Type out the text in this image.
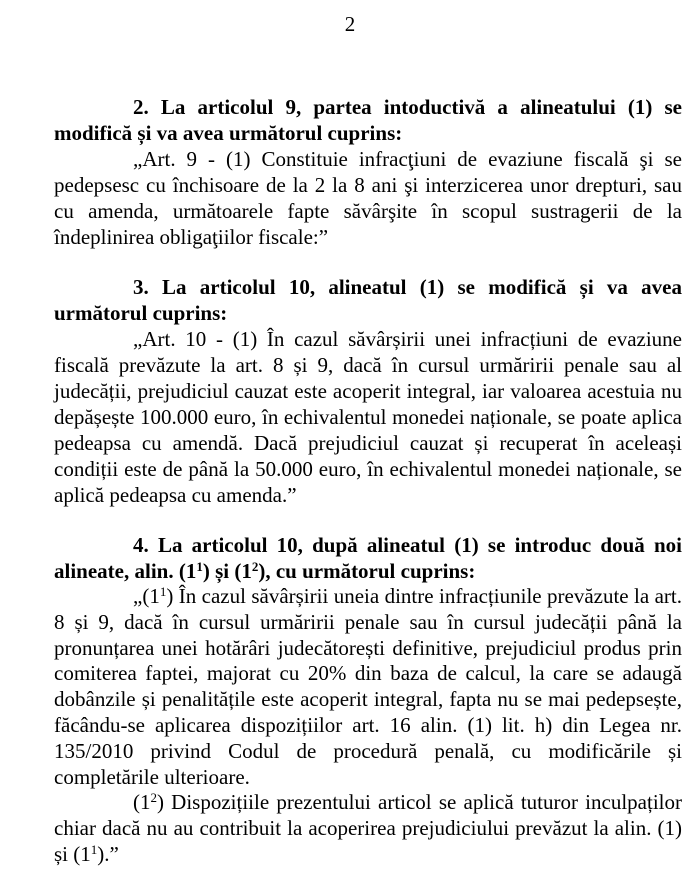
2
2. La articolul 9, partea intoductivă a alineatului (1) se modifică și va avea următorul cuprins:
„Art. 9 - (1) Constituie infracţiuni de evaziune fiscală şi se pedepsesc cu închisoare de la 2 la 8 ani şi interzicerea unor drepturi, sau cu amenda, următoarele fapte săvârşite în scopul sustragerii de la îndeplinirea obligaţiilor fiscale:”
3. La articolul 10, alineatul (1) se modifică și va avea următorul cuprins:
„Art. 10 - (1) În cazul săvârșirii unei infracțiuni de evaziune fiscală prevăzute la art. 8 și 9, dacă în cursul urmăririi penale sau al judecății, prejudiciul cauzat este acoperit integral, iar valoarea acestuia nu depășește 100.000 euro, în echivalentul monedei naționale, se poate aplica pedeapsa cu amendă. Dacă prejudiciul cauzat și recuperat în aceleași condiții este de până la 50.000 euro, în echivalentul monedei naționale, se aplică pedeapsa cu amenda.”
4. La articolul 10, după alineatul (1) se introduc două noi alineate, alin. $(1^1)$ și $(1^2)$, cu următorul cuprins:
$„(1^1)$ În cazul săvârșirii uneia dintre infracțiunile prevăzute la art. 8 și 9, dacă în cursul urmăririi penale sau în cursul judecății până la pronunțarea unei hotărâri judecătorești definitive, prejudiciul produs prin comiterea faptei, majorat cu 20% din baza de calcul, la care se adaugă dobânzile și penalitățile este acoperit integral, fapta nu se mai pedepsește, făcându-se aplicarea dispozițiilor art. 16 alin. (1) lit. h) din Legea nr. 135/2010 privind Codul de procedură penală, cu modificările și completările ulterioare.
$(1^2)$ Dispozițiile prezentului articol se aplică tuturor inculpaților chiar dacă nu au contribuit la acoperirea prejudiciului prevăzut la alin. (1) și $(1^1)$.”
